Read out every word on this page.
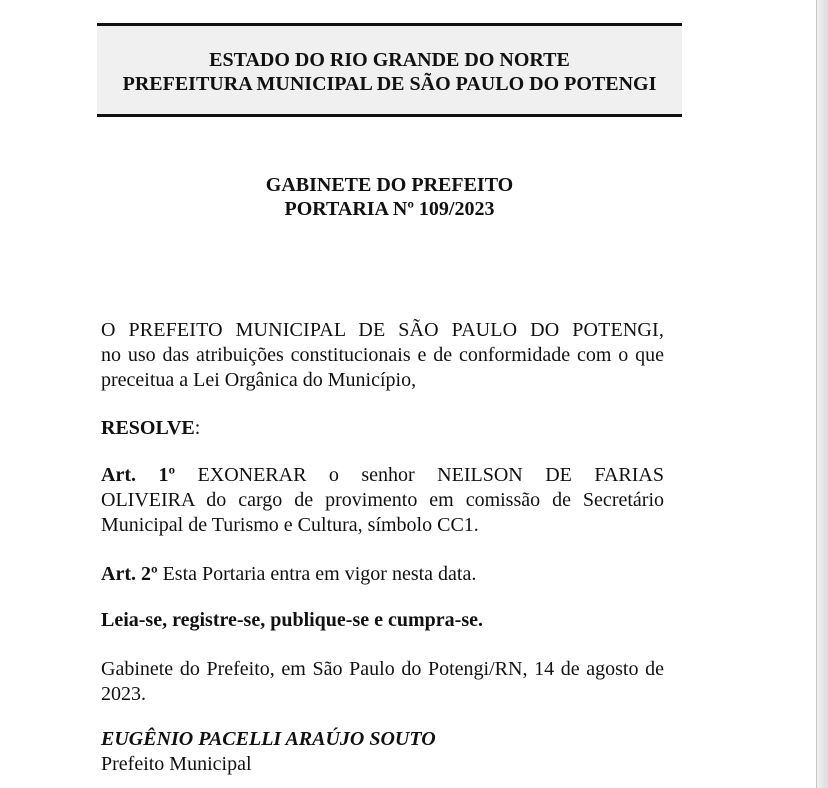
ESTADO DO RIO GRANDE DO NORTE
PREFEITURA MUNICIPAL DE SÃO PAULO DO POTENGI
GABINETE DO PREFEITO
PORTARIA Nº 109/2023
O PREFEITO MUNICIPAL DE SÃO PAULO DO POTENGI,
no uso das atribuições constitucionais e de conformidade com o que preceitua a Lei Orgânica do Município,
RESOLVE:
Art. 1º EXONERAR o senhor NEILSON DE FARIAS
OLIVEIRA do cargo de provimento em comissão de Secretário Municipal de Turismo e Cultura, símbolo CC1.
Art. 2º Esta Portaria entra em vigor nesta data.
Leia-se, registre-se, publique-se e cumpra-se.
Gabinete do Prefeito, em São Paulo do Potengi/RN, 14 de agosto de 2023.
EUGÊNIO PACELLI ARAÚJO SOUTO
Prefeito Municipal
